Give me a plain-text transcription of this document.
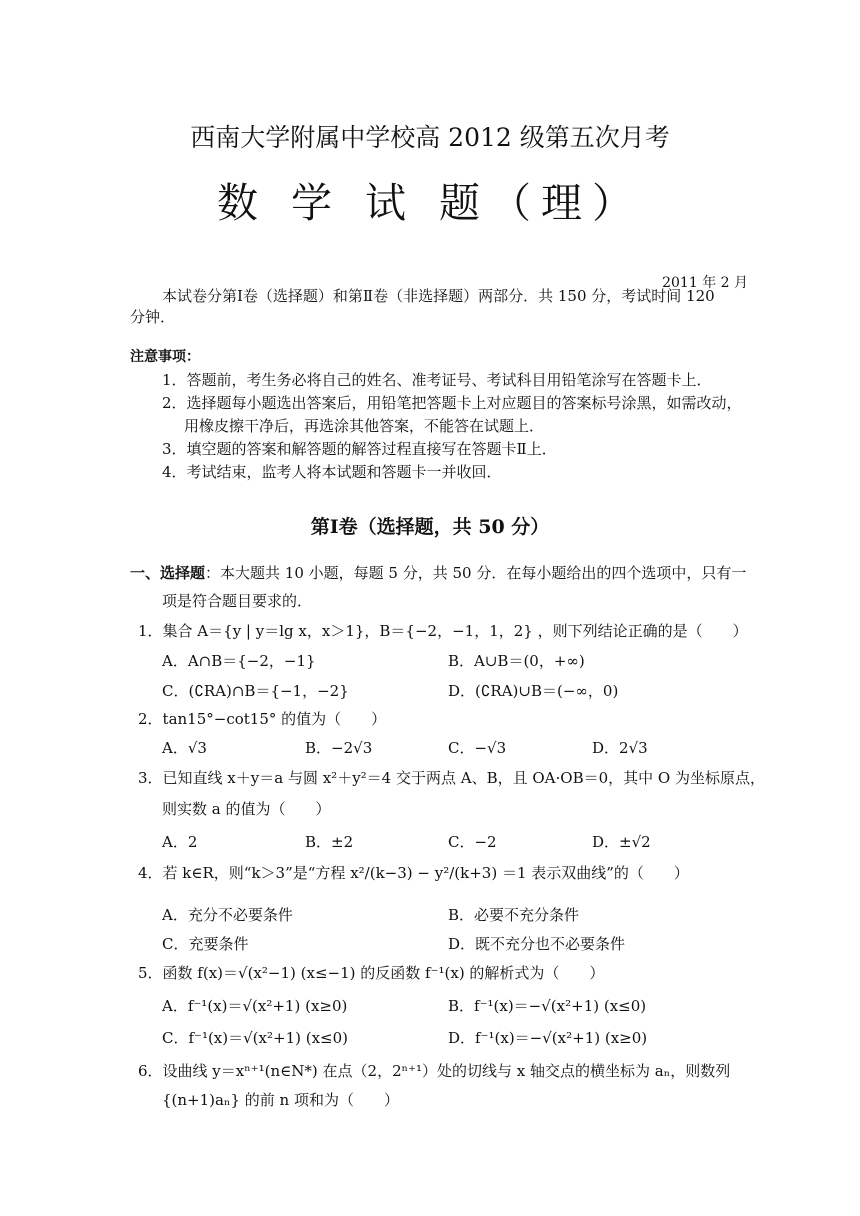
西南大学附属中学校高 2012 级第五次月考
数 学 试 题（理）
2011 年 2 月
本试卷分第Ⅰ卷（选择题）和第Ⅱ卷（非选择题）两部分．共 150 分，考试时间 120
分钟．
注意事项：
1．答题前，考生务必将自己的姓名、准考证号、考试科目用铅笔涂写在答题卡上．
2．选择题每小题选出答案后，用铅笔把答题卡上对应题目的答案标号涂黑，如需改动，
用橡皮擦干净后，再选涂其他答案，不能答在试题上．
3．填空题的答案和解答题的解答过程直接写在答题卡Ⅱ上．
4．考试结束，监考人将本试题和答题卡一并收回．
第Ⅰ卷（选择题，共 50 分）
一、选择题：本大题共 10 小题，每题 5 分，共 50 分．在每小题给出的四个选项中，只有一
项是符合题目要求的．
1．集合 A＝{y | y＝lg x，x＞1}，B＝{−2，−1，1，2} ，则下列结论正确的是（　　）
A．A∩B＝{−2，−1}	B．A∪B＝(0，+∞)
C．(∁RA)∩B＝{−1，−2}	D．(∁RA)∪B＝(−∞，0)
2．tan15°−cot15° 的值为（　　）
A．√3	B．−2√3	C．−√3	D．2√3
3．已知直线 x＋y＝a 与圆 x²＋y²＝4 交于两点 A、B，且 OA·OB＝0，其中 O 为坐标原点，
则实数 a 的值为（　　）
A．2	B．±2	C．−2	D．±√2
4．若 k∈R，则“k＞3”是“方程 x²/(k−3) − y²/(k+3) ＝1 表示双曲线”的（　　）
A．充分不必要条件	B．必要不充分条件
C．充要条件	D．既不充分也不必要条件
5．函数 f(x)＝√(x²−1) (x≤−1) 的反函数 f⁻¹(x) 的解析式为（　　）
A．f⁻¹(x)＝√(x²+1) (x≥0)	B．f⁻¹(x)＝−√(x²+1) (x≤0)
C．f⁻¹(x)＝√(x²+1) (x≤0)	D．f⁻¹(x)＝−√(x²+1) (x≥0)
6．设曲线 y＝xⁿ⁺¹(n∈N*) 在点（2，2ⁿ⁺¹）处的切线与 x 轴交点的横坐标为 aₙ，则数列
{(n+1)aₙ} 的前 n 项和为（　　）
